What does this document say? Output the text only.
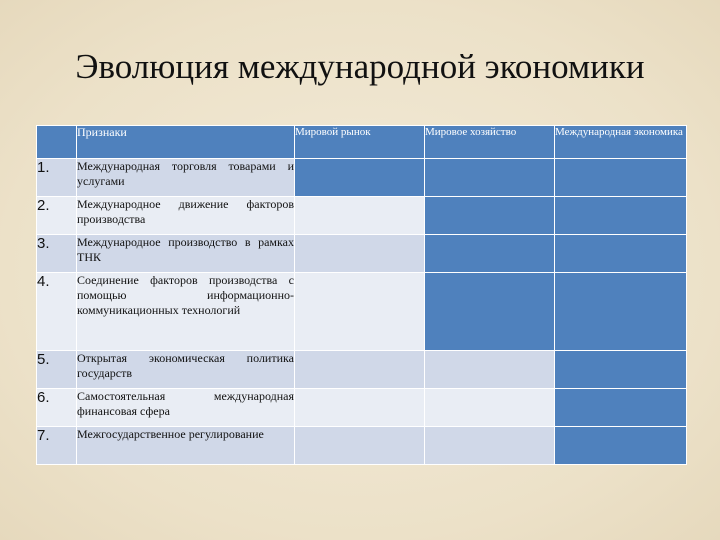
Эволюция международной экономики
	Признаки	Мировой рынок	Мировое хозяйство	Международная экономика
1.	Международная торговля товарами и услугами			
2.	Международное движение факторов производства			
3.	Международное производство в рамках ТНК			
4.	Соединение факторов производства с помощью информационно-коммуникационных технологий			
5.	Открытая экономическая политика государств			
6.	Самостоятельная международная финансовая сфера			
7.	Межгосударственное регулирование			
